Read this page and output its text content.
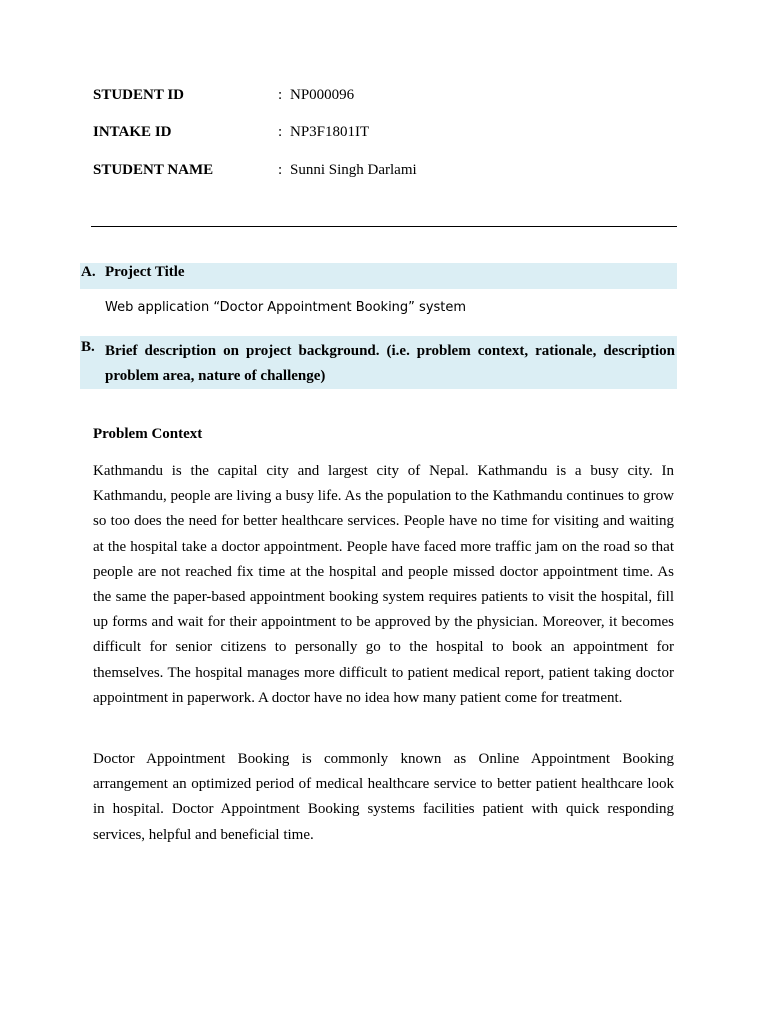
STUDENT ID	: NP000096
INTAKE ID	: NP3F1801IT
STUDENT NAME	: Sunni Singh Darlami
A. Project Title
Web application “Doctor Appointment Booking” system
B. Brief description on project background. (i.e. problem context, rationale, description problem area, nature of challenge)
Problem Context

Kathmandu is the capital city and largest city of Nepal. Kathmandu is a busy city. In Kathmandu, people are living a busy life. As the population to the Kathmandu continues to grow so too does the need for better healthcare services. People have no time for visiting and waiting at the hospital take a doctor appointment. People have faced more traffic jam on the road so that people are not reached fix time at the hospital and people missed doctor appointment time. As the same the paper-based appointment booking system requires patients to visit the hospital, fill up forms and wait for their appointment to be approved by the physician. Moreover, it becomes difficult for senior citizens to personally go to the hospital to book an appointment for themselves. The hospital manages more difficult to patient medical report, patient taking doctor appointment in paperwork. A doctor have no idea how many patient come for treatment.

Doctor Appointment Booking is commonly known as Online Appointment Booking arrangement an optimized period of medical healthcare service to better patient healthcare look in hospital. Doctor Appointment Booking systems facilities patient with quick responding services, helpful and beneficial time.
